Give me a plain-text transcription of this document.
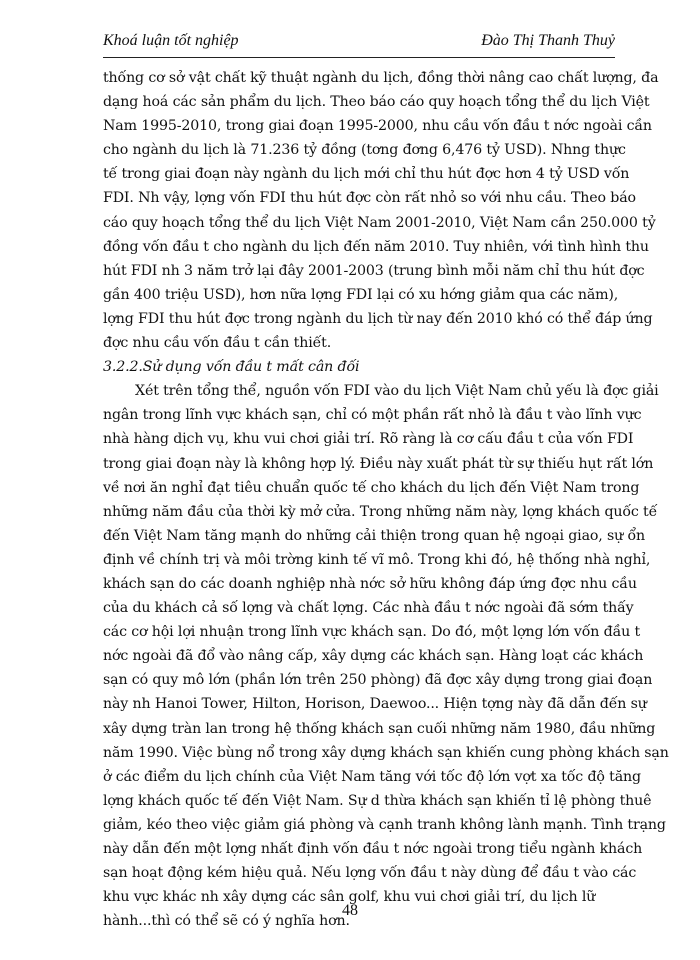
Khoá luận tốt nghiệp	Đào Thị Thanh Thuỷ
thống cơ sở vật chất kỹ thuật ngành du lịch, đồng thời nâng cao chất lượng, đa
dạng hoá các sản phẩm du lịch. Theo báo cáo quy hoạch tổng thể du lịch Việt
Nam 1995-2010, trong giai đoạn 1995-2000, nhu cầu vốn đầu t nớc ngoài cần
cho ngành du lịch là 71.236 tỷ đồng (tơng đơng 6,476 tỷ USD). Nhng thực
tế trong giai đoạn này ngành du lịch mới chỉ thu hút đợc hơn 4 tỷ USD vốn
FDI. Nh vậy, lợng vốn FDI thu hút đợc còn rất nhỏ so với nhu cầu. Theo báo
cáo quy hoạch tổng thể du lịch Việt Nam 2001-2010, Việt Nam cần 250.000 tỷ
đồng vốn đầu t cho ngành du lịch đến năm 2010. Tuy nhiên, với tình hình thu
hút FDI nh 3 năm trở lại đây 2001-2003 (trung bình mỗi năm chỉ thu hút đợc
gần 400 triệu USD), hơn nữa lợng FDI lại có xu hớng giảm qua các năm),
lợng FDI thu hút đợc trong ngành du lịch từ nay đến 2010 khó có thể đáp ứng
đợc nhu cầu vốn đầu t cần thiết.
3.2.2.Sử dụng vốn đầu t mất cân đối
Xét trên tổng thể, nguồn vốn FDI vào du lịch Việt Nam chủ yếu là đợc giải
ngân trong lĩnh vực khách sạn, chỉ có một phần rất nhỏ là đầu t vào lĩnh vực
nhà hàng dịch vụ, khu vui chơi giải trí. Rõ ràng là cơ cấu đầu t của vốn FDI
trong giai đoạn này là không hợp lý. Điều này xuất phát từ sự thiếu hụt rất lớn
về nơi ăn nghỉ đạt tiêu chuẩn quốc tế cho khách du lịch đến Việt Nam trong
những năm đầu của thời kỳ mở cửa. Trong những năm này, lợng khách quốc tế
đến Việt Nam tăng mạnh do những cải thiện trong quan hệ ngoại giao, sự ổn
định về chính trị và môi trờng kinh tế vĩ mô. Trong khi đó, hệ thống nhà nghỉ,
khách sạn do các doanh nghiệp nhà nớc sở hữu không đáp ứng đợc nhu cầu
của du khách cả số lợng và chất lợng. Các nhà đầu t nớc ngoài đã sớm thấy
các cơ hội lợi nhuận trong lĩnh vực khách sạn. Do đó, một lợng lớn vốn đầu t
nớc ngoài đã đổ vào nâng cấp, xây dựng các khách sạn. Hàng loạt các khách
sạn có quy mô lớn (phần lớn trên 250 phòng) đã đợc xây dựng trong giai đoạn
này nh Hanoi Tower, Hilton, Horison, Daewoo... Hiện tợng này đã dẫn đến sự
xây dựng tràn lan trong hệ thống khách sạn cuối những năm 1980, đầu những
năm 1990. Việc bùng nổ trong xây dựng khách sạn khiến cung phòng khách sạn
ở các điểm du lịch chính của Việt Nam tăng với tốc độ lớn vợt xa tốc độ tăng
lợng khách quốc tế đến Việt Nam. Sự d thừa khách sạn khiến tỉ lệ phòng thuê
giảm, kéo theo việc giảm giá phòng và cạnh tranh không lành mạnh. Tình trạng
này dẫn đến một lợng nhất định vốn đầu t nớc ngoài trong tiểu ngành khách
sạn hoạt động kém hiệu quả. Nếu lợng vốn đầu t này dùng để đầu t vào các
khu vực khác nh xây dựng các sân golf, khu vui chơi giải trí, du lịch lữ
hành...thì có thể sẽ có ý nghĩa hơn.
48
